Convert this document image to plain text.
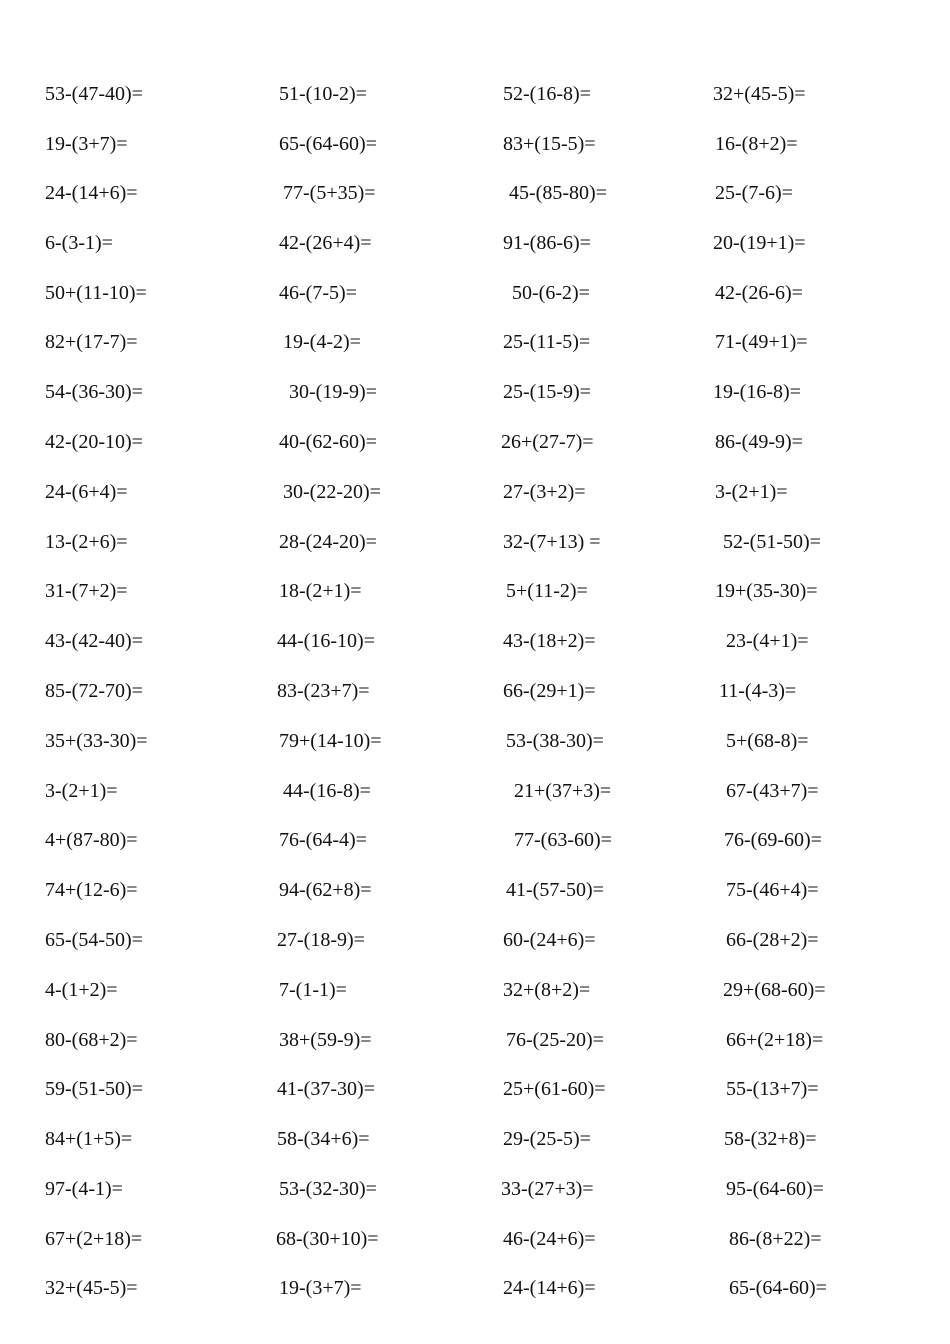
53-(47-40)=	51-(10-2)=	52-(16-8)=	32+(45-5)=
19-(3+7)=	65-(64-60)=	83+(15-5)=	16-(8+2)=
24-(14+6)=	77-(5+35)=	45-(85-80)=	25-(7-6)=
6-(3-1)=	42-(26+4)=	91-(86-6)=	20-(19+1)=
50+(11-10)=	46-(7-5)=	50-(6-2)=	42-(26-6)=
82+(17-7)=	19-(4-2)=	25-(11-5)=	71-(49+1)=
54-(36-30)=	30-(19-9)=	25-(15-9)=	19-(16-8)=
42-(20-10)=	40-(62-60)=	26+(27-7)=	86-(49-9)=
24-(6+4)=	30-(22-20)=	27-(3+2)=	3-(2+1)=
13-(2+6)=	28-(24-20)=	32-(7+13) =	52-(51-50)=
31-(7+2)=	18-(2+1)=	5+(11-2)=	19+(35-30)=
43-(42-40)=	44-(16-10)=	43-(18+2)=	23-(4+1)=
85-(72-70)=	83-(23+7)=	66-(29+1)=	11-(4-3)=
35+(33-30)=	79+(14-10)=	53-(38-30)=	5+(68-8)=
3-(2+1)=	44-(16-8)=	21+(37+3)=	67-(43+7)=
4+(87-80)=	76-(64-4)=	77-(63-60)=	76-(69-60)=
74+(12-6)=	94-(62+8)=	41-(57-50)=	75-(46+4)=
65-(54-50)=	27-(18-9)=	60-(24+6)=	66-(28+2)=
4-(1+2)=	7-(1-1)=	32+(8+2)=	29+(68-60)=
80-(68+2)=	38+(59-9)=	76-(25-20)=	66+(2+18)=
59-(51-50)=	41-(37-30)=	25+(61-60)=	55-(13+7)=
84+(1+5)=	58-(34+6)=	29-(25-5)=	58-(32+8)=
97-(4-1)=	53-(32-30)=	33-(27+3)=	95-(64-60)=
67+(2+18)=	68-(30+10)=	46-(24+6)=	86-(8+22)=
32+(45-5)=	19-(3+7)=	24-(14+6)=	65-(64-60)=
